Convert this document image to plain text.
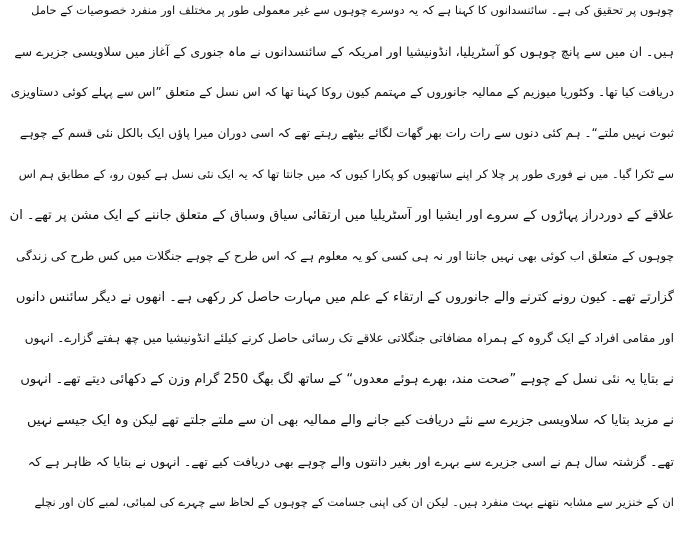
چوہوں پر تحقیق کی ہے۔ سائنسدانوں کا کہنا ہے کہ یہ دوسرے چوہوں سے غیر معمولی طور پر مختلف اور منفرد خصوصیات کے حامل
ہیں۔ ان میں سے پانچ چوہوں کو آسٹریلیا، انڈونیشیا اور امریکہ کے سائنسدانوں نے ماہ جنوری کے آغاز میں سلاویسی جزیرے سے
دریافت کیا تھا۔ وکٹوریا میوزیم کے ممالیہ جانوروں کے مہتمم کیون روکا کہنا تھا کہ اس نسل کے متعلق ”اس سے پہلے کوئی دستاویزی
ثبوت نہیں ملتے“۔ ہم کئی دنوں سے رات رات بھر گھات لگائے بیٹھے رہتے تھے کہ اسی دوران میرا پاؤں ایک بالکل نئی قسم کے چوہے
سے ٹکرا گیا۔ میں نے فوری طور پر چلا کر اپنے ساتھیوں کو پکارا کیوں کہ میں جانتا تھا کہ یہ ایک نئی نسل ہے کیون رو، کے مطابق ہم اس
علاقے کے دوردراز پہاڑوں کے سروے اور ایشیا اور آسٹریلیا میں ارتقائی سیاق وسباق کے متعلق جاننے کے ایک مشن پر تھے۔ ان
چوہوں کے متعلق اب کوئی بھی نہیں جانتا اور نہ ہی کسی کو یہ معلوم ہے کہ اس طرح کے چوہے جنگلات میں کس طرح کی زندگی
گزارتے تھے۔ کیون رونے کترنے والے جانوروں کے ارتقاء کے علم میں مہارت حاصل کر رکھی ہے۔ انھوں نے دیگر سائنس دانوں
اور مقامی افراد کے ایک گروہ کے ہمراہ مضافاتی جنگلاتی علاقے تک رسائی حاصل کرنے کیلئے انڈونیشیا میں چھ ہفتے گزارے۔ انہوں
نے بتایا یہ نئی نسل کے چوہے ”صحت مند، بھرے ہوئے معدوں“ کے ساتھ لگ بھگ 250 گرام وزن کے دکھائی دیتے تھے۔ انہوں
نے مزید بتایا کہ سلاویسی جزیرے سے نئے دریافت کیے جانے والے ممالیہ بھی ان سے ملتے جلتے تھے لیکن وہ ایک جیسے نہیں
تھے۔ گزشتہ سال ہم نے اسی جزیرے سے بہرے اور بغیر دانتوں والے چوہے بھی دریافت کیے تھے۔ انہوں نے بتایا کہ ظاہر ہے کہ
ان کے خنزیر سے مشابہ نتھنے بہت منفرد ہیں۔ لیکن ان کی اپنی جسامت کے چوہوں کے لحاظ سے چہرے کی لمبائی، لمبے کان اور نچلے
